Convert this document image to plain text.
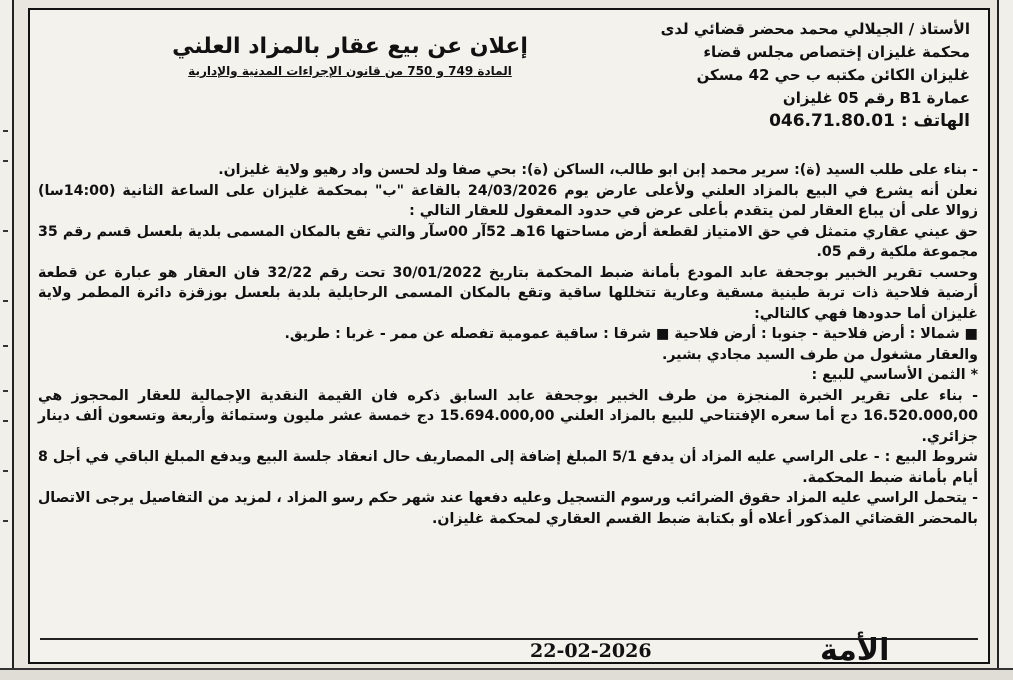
الأستاذ / الجيلالي محمد محضر قضائي لدى
محكمة غليزان إختصاص مجلس قضاء
غليزان الكائن مكتبه ب حي 42 مسكن
عمارة B1 رقم 05 غليزان
الهاتف : 046.71.80.01
إعلان عن بيع عقار بالمزاد العلني
المادة 749 و 750 من قانون الإجراءات المدنية والإدارية

- بناء على طلب السيد (ة): سرير محمد إبن ابو طالب، الساكن (ة): بحي صفا ولد لحسن واد رهيو ولاية غليزان.

نعلن أنه يشرع في البيع بالمزاد العلني ولأعلى عارض يوم 24/03/2026 بالقاعة "ب" بمحكمة غليزان على الساعة الثانية (14:00سا) زوالا على أن يباع العقار لمن يتقدم بأعلى عرض في حدود المعقول للعقار التالي :

حق عيني عقاري متمثل في حق الامتياز لقطعة أرض مساحتها 16هـ 52آر 00سآر والتي تقع بالمكان المسمى بلدية بلعسل قسم رقم 35 مجموعة ملكية رقم 05.

وحسب تقرير الخبير بوجحفة عابد المودع بأمانة ضبط المحكمة بتاريخ 30/01/2022 تحت رقم 32/22 فان العقار هو عبارة عن قطعة أرضية فلاحية ذات تربة طينية مسقية وعارية تتخللها ساقية وتقع بالمكان المسمى الرحايلية بلدية بلعسل بوزقزة دائرة المطمر ولاية غليزان أما حدودها فهي كالتالي:

■ شمالا : أرض فلاحية - جنوبا : أرض فلاحية ■ شرقا : ساقية عمومية تفصله عن ممر - غربا : طريق.

والعقار مشغول من طرف السيد مجادي بشير.

* الثمن الأساسي للبيع :

- بناء على تقرير الخبرة المنجزة من طرف الخبير بوجحفة عابد السابق ذكره فان القيمة النقدية الإجمالية للعقار المحجوز هي 16.520.000,00 دج أما سعره الإفتتاحي للبيع بالمزاد العلني 15.694.000,00 دج خمسة عشر مليون وستمائة وأربعة وتسعون ألف دينار جزائري.

شروط البيع : - على الراسي عليه المزاد أن يدفع 5/1 المبلغ إضافة إلى المصاريف حال انعقاد جلسة البيع ويدفع المبلغ الباقي في أجل 8 أيام بأمانة ضبط المحكمة.

- يتحمل الراسي عليه المزاد حقوق الضرائب ورسوم التسجيل وعليه دفعها عند شهر حكم رسو المزاد ، لمزيد من التفاصيل يرجى الاتصال بالمحضر القضائي المذكور أعلاه أو بكتابة ضبط القسم العقاري لمحكمة غليزان.

22-02-2026	الأمة
